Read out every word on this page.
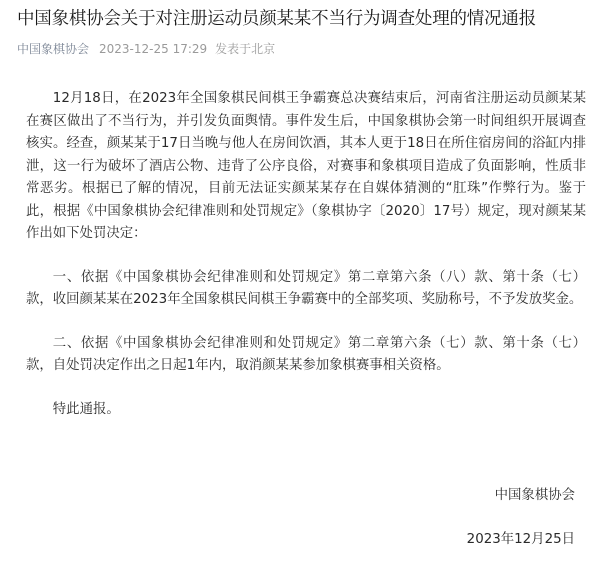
中国象棋协会关于对注册运动员颜某某不当行为调查处理的情况通报
中国象棋协会 2023-12-25 17:29 发表于北京

12月18日，在2023年全国象棋民间棋王争霸赛总决赛结束后，河南省注册运动员颜某某在赛区做出了不当行为，并引发负面舆情。事件发生后，中国象棋协会第一时间组织开展调查核实。经查，颜某某于17日当晚与他人在房间饮酒，其本人更于18日在所住宿房间的浴缸内排泄，这一行为破坏了酒店公物、违背了公序良俗，对赛事和象棋项目造成了负面影响，性质非常恶劣。根据已了解的情况，目前无法证实颜某某存在自媒体猜测的“肛珠”作弊行为。鉴于此，根据《中国象棋协会纪律准则和处罚规定》（象棋协字〔2020〕17号）规定，现对颜某某作出如下处罚决定：

一、依据《中国象棋协会纪律准则和处罚规定》第二章第六条（八）款、第十条（七）款，收回颜某某在2023年全国象棋民间棋王争霸赛中的全部奖项、奖励称号，不予发放奖金。

二、依据《中国象棋协会纪律准则和处罚规定》第二章第六条（七）款、第十条（七）款，自处罚决定作出之日起1年内，取消颜某某参加象棋赛事相关资格。

特此通报。

中国象棋协会
2023年12月25日
